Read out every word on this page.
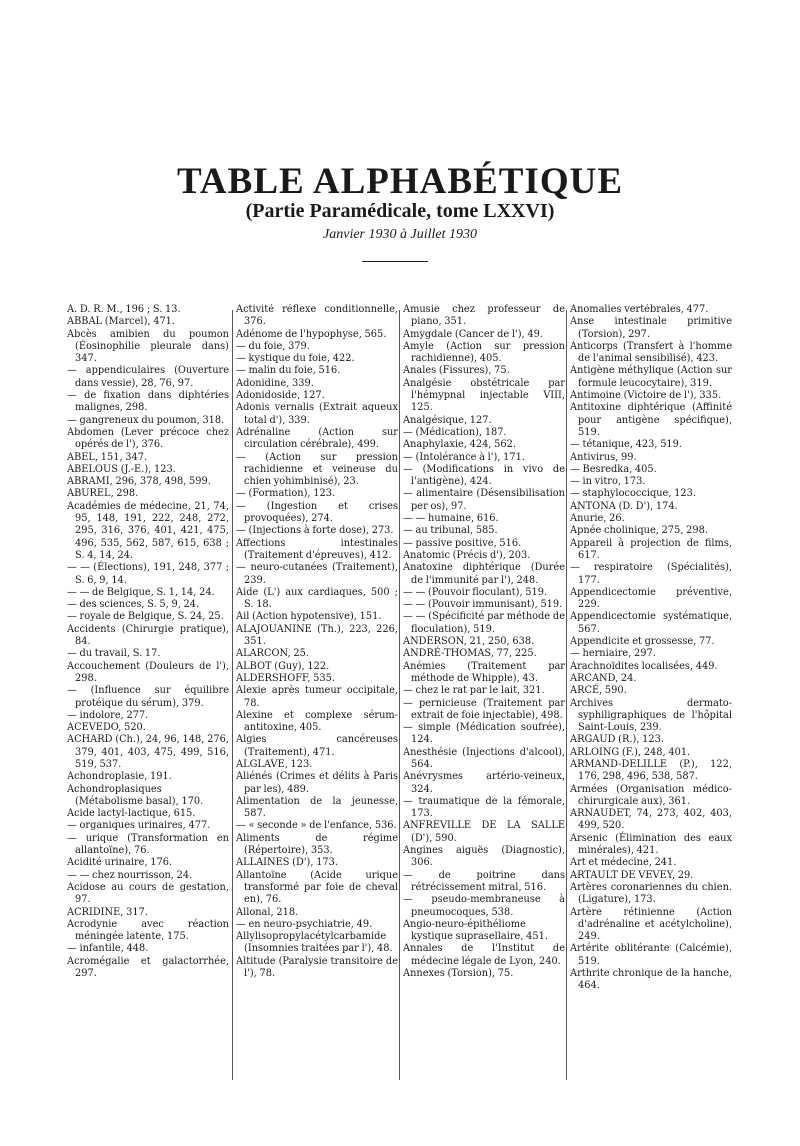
TABLE ALPHABÉTIQUE
(Partie Paramédicale, tome LXXVI)
Janvier 1930 à Juillet 1930
A. D. R. M., 196 ; S. 13.
ABBAL (Marcel), 471.
Abcès amibien du poumon (Éosinophilie pleurale dans) 347.
— appendiculaires (Ouverture dans vessie), 28, 76, 97.
— de fixation dans diphtéries malignes, 298.
— gangreneux du poumon, 318.
Abdomen (Lever précoce chez opérés de l'), 376.
ABEL, 151, 347.
ABELOUS (J.-E.), 123.
ABRAMI, 296, 378, 498, 599.
ABUREL, 298.
Académies de médecine, 21, 74, 95, 148, 191, 222, 248, 272, 295, 316, 376, 401, 421, 475, 496, 535, 562, 587, 615, 638 ; S. 4, 14, 24.
— — (Élections), 191, 248, 377 ; S. 6, 9, 14.
— — de Belgique, S. 1, 14, 24.
— des sciences, S. 5, 9, 24.
— royale de Belgique, S. 24, 25.
Accidents (Chirurgie pratique), 84.
— du travail, S. 17.
Accouchement (Douleurs de l'), 298.
— (Influence sur équilibre protéique du sérum), 379.
— indolore, 277.
ACEVEDO, 520.
ACHARD (Ch.), 24, 96, 148, 276, 379, 401, 403, 475, 499, 516, 519, 537.
Achondroplasie, 191.
Achondroplasiques (Métabolisme basal), 170.
Acide lactyl-lactique, 615.
— organiques urinaires, 477.
— urique (Transformation en allantoïne), 76.
Acidité urinaire, 176.
— — chez nourrisson, 24.
Acidose au cours de gestation, 97.
ACRIDINE, 317.
Acrodynie avec réaction méningée latente, 175.
— infantile, 448.
Acromégalie et galactorrhée, 297.
Activité réflexe conditionnelle, 376.
Adénome de l'hypophyse, 565.
— du foie, 379.
— kystique du foie, 422.
— malin du foie, 516.
Adonidine, 339.
Adonidoside, 127.
Adonis vernalis (Extrait aqueux total d'), 339.
Adrénaline (Action sur circulation cérébrale), 499.
— (Action sur pression rachidienne et veineuse du chien yohimbinisé), 23.
— (Formation), 123.
— (Ingestion et crises provoquées), 274.
— (Injections à forte dose), 273.
Affections intestinales (Traitement d'épreuves), 412.
— neuro-cutanées (Traitement), 239.
Aide (L') aux cardiaques, 500 ; S. 18.
Ail (Action hypotensive), 151.
ALAJOUANINE (Th.), 223, 226, 351.
ALARCON, 25.
ALBOT (Guy), 122.
ALDERSHOFF, 535.
Alexie après tumeur occipitale, 78.
Alexine et complexe sérum-antitoxine, 405.
Algies cancéreuses (Traitement), 471.
ALGLAVE, 123.
Aliénés (Crimes et délits à Paris par les), 489.
Alimentation de la jeunesse, 587.
— « seconde » de l'enfance, 536.
Aliments de régime (Répertoire), 353.
ALLAINES (D'), 173.
Allantoïne (Acide urique transformé par foie de cheval en), 76.
Allonal, 218.
— en neuro-psychiatrie, 49.
Allylisopropylacétylcarbamide (Insomnies traitées par l'), 48.
Altitude (Paralysie transitoire de l'), 78.
Amusie chez professeur de piano, 351.
Amygdale (Cancer de l'), 49.
Amyle (Action sur pression rachidienne), 405.
Anales (Fissures), 75.
Analgésie obstétricale par l'hémypnal injectable VIII, 125.
Analgésique, 127.
— (Médication), 187.
Anaphylaxie, 424, 562.
— (Intolérance à l'), 171.
— (Modifications in vivo de l'antigène), 424.
— alimentaire (Désensibilisation per os), 97.
— — humaine, 616.
— au tribunal, 585.
— passive positive, 516.
Anatomic (Précis d'), 203.
Anatoxine diphtérique (Durée de l'immunité par l'), 248.
— — (Pouvoir floculant), 519.
— — (Pouvoir immunisant), 519.
— — (Spécificité par méthode de floculation), 519.
ANDERSON, 21, 250, 638.
ANDRÉ-THOMAS, 77, 225.
Anémies (Traitement par méthode de Whipple), 43.
— chez le rat par le lait, 321.
— pernicieuse (Traitement par extrait de foie injectable), 498.
— simple (Médication soufrée), 124.
Anesthésie (Injections d'alcool), 564.
Anévrysmes artério-veineux, 324.
— traumatique de la fémorale, 173.
ANFREVILLE DE LA SALLE (D'), 590.
Angines aiguës (Diagnostic), 306.
— de poitrine dans rétrécissement mitral, 516.
— pseudo-membraneuse à pneumocoques, 538.
Angio-neuro-épithéliome kystique suprasellaire, 451.
Annales de l'Institut de médecine légale de Lyon, 240.
Annexes (Torsion), 75.
Anomalies vertébrales, 477.
Anse intestinale primitive (Torsion), 297.
Anticorps (Transfert à l'homme de l'animal sensibilisé), 423.
Antigène méthylique (Action sur formule leucocytaire), 319.
Antimoine (Victoire de l'), 335.
Antitoxine diphtérique (Affinité pour antigène spécifique), 519.
— tétanique, 423, 519.
Antivirus, 99.
— Besredka, 405.
— in vitro, 173.
— staphylococcique, 123.
ANTONA (D. D'), 174.
Anurie, 26.
Apnée cholinique, 275, 298.
Appareil à projection de films, 617.
— respiratoire (Spécialités), 177.
Appendicectomie préventive, 229.
Appendicectomie systématique, 567.
Appendicite et grossesse, 77.
— herniaire, 297.
Arachnoïdites localisées, 449.
ARCAND, 24.
ARCÉ, 590.
Archives dermato-syphiligraphiques de l'hôpital Saint-Louis, 239.
ARGAUD (R.), 123.
ARLOING (F.), 248, 401.
ARMAND-DELILLE (P.), 122, 176, 298, 496, 538, 587.
Armées (Organisation médico-chirurgicale aux), 361.
ARNAUDET, 74, 273, 402, 403, 499, 520.
Arsenic (Élimination des eaux minérales), 421.
Art et médecine, 241.
ARTAULT DE VEVEY, 29.
Artères coronariennes du chien. (Ligature), 173.
Artère rétinienne (Action d'adrénaline et acétylcholine), 249.
Artérite oblitérante (Calcémie), 519.
Arthrite chronique de la hanche, 464.
